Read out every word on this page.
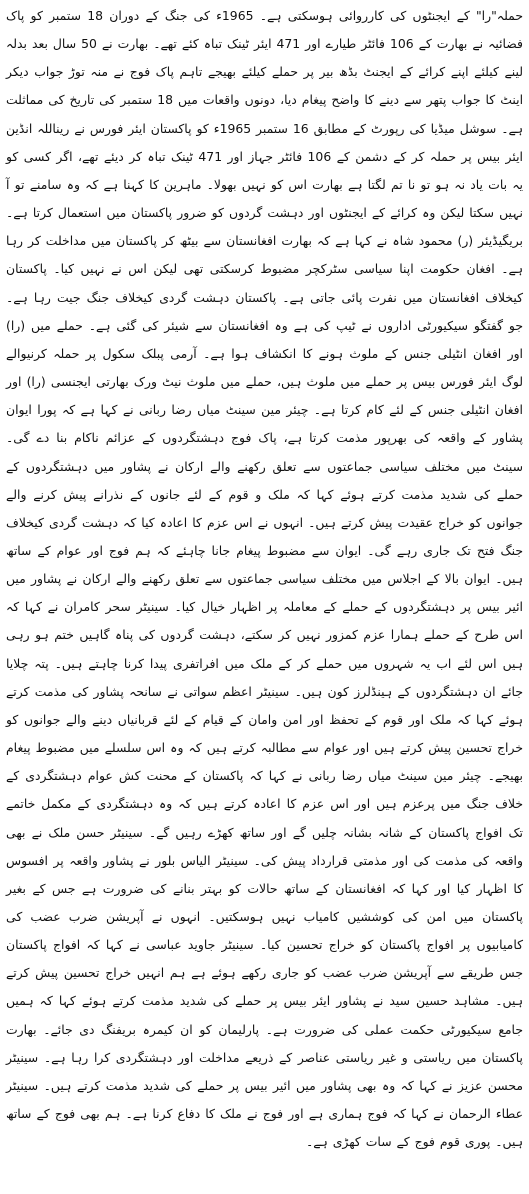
حملہ"را" کے ایجنٹوں کی کارروائی ہوسکتی ہے۔ 1965ء کی جنگ کے دوران 18 ستمبر کو پاک فضائیہ نے بھارت کے 106 فائٹر طیارے اور 471 ایئر ٹینک تباہ کئے تھے۔ بھارت نے 50 سال بعد بدلہ لینے کیلئے اپنے کرائے کے ایجنٹ بڈھ بیر پر حملے کیلئے بھیجے تاہم پاک فوج نے منہ توڑ جواب دیکر اینٹ کا جواب پتھر سے دینے کا واضح پیغام دیا، دونوں واقعات میں 18 ستمبر کی تاریخ کی مماثلت ہے۔ سوشل میڈیا کی رپورٹ کے مطابق 16 ستمبر 1965ء کو پاکستان ایئر فورس نے ریناللہ انڈین ایئر بیس پر حملہ کر کے دشمن کے 106 فائٹر جہاز اور 471 ٹینک تباہ کر دیئے تھے، اگر کسی کو یہ بات یاد نہ ہو تو نا تم لگتا ہے بھارت اس کو نہیں بھولا۔ ماہرین کا کہنا ہے کہ وہ سامنے تو آ نہیں سکتا لیکن وہ کرائے کے ایجنٹوں اور دہشت گردوں کو ضرور پاکستان میں استعمال کرتا ہے۔ بریگیڈیئر (ر) محمود شاہ نے کہا ہے کہ بھارت افغانستان سے بیٹھ کر پاکستان میں مداخلت کر رہا ہے۔ افغان حکومت اپنا سیاسی سٹرکچر مضبوط کرسکتی تھی لیکن اس نے نہیں کیا۔ پاکستان کیخلاف افغانستان میں نفرت پائی جاتی ہے۔ پاکستان دہشت گردی کیخلاف جنگ جیت رہا ہے۔ جو گفتگو سیکیورٹی اداروں نے ٹیپ کی ہے وہ افغانستان سے شیئر کی گئی ہے۔ حملے میں (را) اور افغان انٹیلی جنس کے ملوث ہونے کا انکشاف ہوا ہے۔ آرمی پبلک سکول پر حملہ کرنیوالے لوگ ایئر فورس بیس پر حملے میں ملوث ہیں، حملے میں ملوث نیٹ ورک بھارتی ایجنسی (را) اور افغان انٹیلی جنس کے لئے کام کرتا ہے۔ چیئر مین سینٹ میاں رضا ربانی نے کہا ہے کہ پورا ایوان پشاور کے واقعہ کی بھرپور مذمت کرتا ہے، پاک فوج دہشتگردوں کے عزائم ناکام بنا دے گی۔ سینٹ میں مختلف سیاسی جماعتوں سے تعلق رکھنے والے ارکان نے پشاور میں دہشتگردوں کے حملے کی شدید مذمت کرتے ہوئے کہا کہ ملک و قوم کے لئے جانوں کے نذرانے پیش کرنے والے جوانوں کو خراج عقیدت پیش کرتے ہیں۔ انہوں نے اس عزم کا اعادہ کیا کہ دہشت گردی کیخلاف جنگ فتح تک جاری رہے گی۔ ایوان سے مضبوط پیغام جانا چاہئے کہ ہم فوج اور عوام کے ساتھ ہیں۔ ایوان بالا کے اجلاس میں مختلف سیاسی جماعتوں سے تعلق رکھنے والے ارکان نے پشاور میں ائیر بیس پر دہشتگردوں کے حملے کے معاملہ پر اظہار خیال کیا۔ سینیٹر سحر کامران نے کہا کہ اس طرح کے حملے ہمارا عزم کمزور نہیں کر سکتے، دہشت گردوں کی پناہ گاہیں ختم ہو رہی ہیں اس لئے اب یہ شہروں میں حملے کر کے ملک میں افراتفری پیدا کرنا چاہتے ہیں۔ پتہ چلایا جائے ان دہشتگردوں کے ہینڈلرز کون ہیں۔ سینیٹر اعظم سواتی نے سانحہ پشاور کی مذمت کرتے ہوئے کہا کہ ملک اور قوم کے تحفظ اور امن وامان کے قیام کے لئے قربانیاں دینے والے جوانوں کو خراج تحسین پیش کرتے ہیں اور عوام سے مطالبہ کرتے ہیں کہ وہ اس سلسلے میں مضبوط پیغام بھیجے۔ چیئر مین سینٹ میاں رضا ربانی نے کہا کہ پاکستان کے محنت کش عوام دہشتگردی کے خلاف جنگ میں پرعزم ہیں اور اس عزم کا اعادہ کرتے ہیں کہ وہ دہشتگردی کے مکمل خاتمے تک افواج پاکستان کے شانہ بشانہ چلیں گے اور ساتھ کھڑے رہیں گے۔ سینیٹر حسن ملک نے بھی واقعہ کی مذمت کی اور مذمتی قرارداد پیش کی۔ سینیٹر الیاس بلور نے پشاور واقعہ پر افسوس کا اظہار کیا اور کہا کہ افغانستان کے ساتھ حالات کو بہتر بنانے کی ضرورت ہے جس کے بغیر پاکستان میں امن کی کوششیں کامیاب نہیں ہوسکتیں۔ انہوں نے آپریشن ضرب عضب کی کامیابیوں پر افواج پاکستان کو خراج تحسین کیا۔ سینیٹر جاوید عباسی نے کہا کہ افواج پاکستان جس طریقے سے آپریشن ضرب عضب کو جاری رکھے ہوئے ہے ہم انہیں خراج تحسین پیش کرتے ہیں۔ مشاہد حسین سید نے پشاور ایئر بیس پر حملے کی شدید مذمت کرتے ہوئے کہا کہ ہمیں جامع سیکیورٹی حکمت عملی کی ضرورت ہے۔ پارلیمان کو ان کیمرہ بریفنگ دی جائے۔ بھارت پاکستان میں ریاستی و غیر ریاستی عناصر کے ذریعے مداخلت اور دہشتگردی کرا رہا ہے۔ سینیٹر محسن عزیز نے کہا کہ وہ بھی پشاور میں ائیر بیس پر حملے کی شدید مذمت کرتے ہیں۔ سینیٹر عطاء الرحمان نے کہا کہ فوج ہماری ہے اور فوج نے ملک کا دفاع کرنا ہے۔ ہم بھی فوج کے ساتھ ہیں۔ پوری قوم فوج کے سات کھڑی ہے۔
